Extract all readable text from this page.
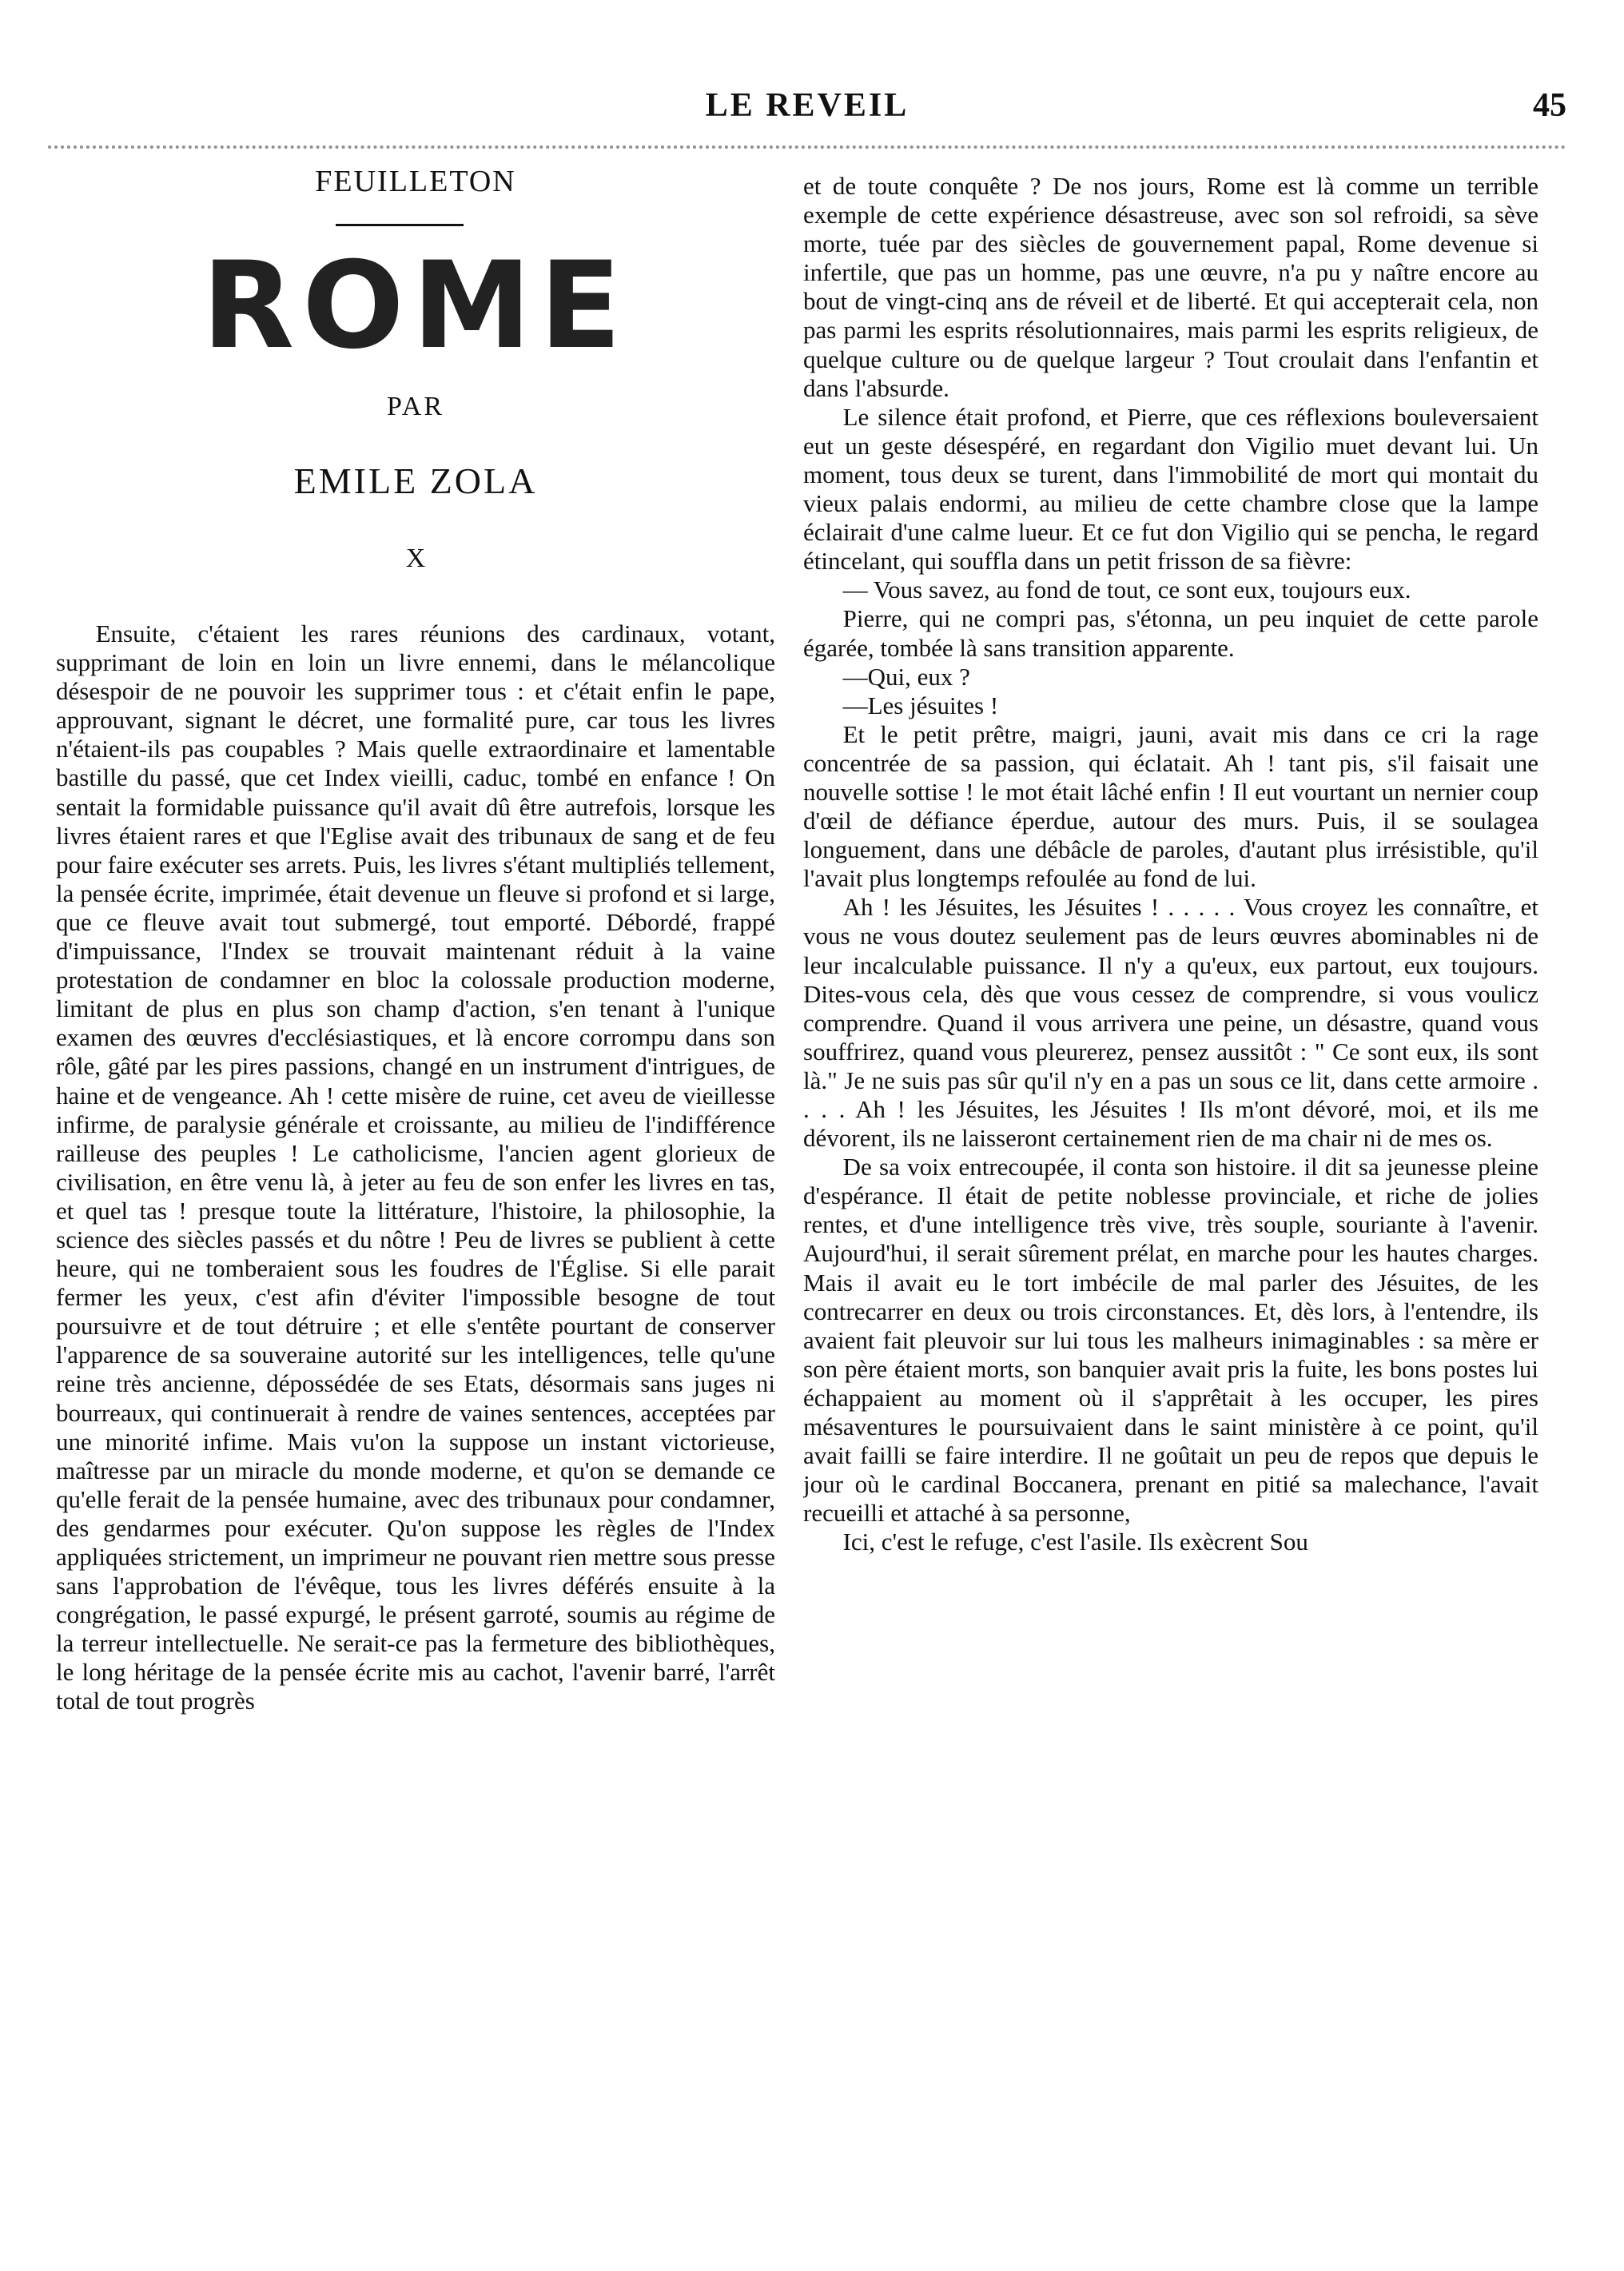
LE REVEIL	45
FEUILLETON
ROME
PAR
EMILE ZOLA
X

Ensuite, c'étaient les rares réunions des cardinaux, votant, supprimant de loin en loin un livre ennemi, dans le mélancolique désespoir de ne pouvoir les supprimer tous : et c'était enfin le pape, approuvant, signant le décret, une formalité pure, car tous les livres n'étaient-ils pas coupables ? Mais quelle extraordinaire et lamentable bastille du passé, que cet Index vieilli, caduc, tombé en enfance ! On sentait la formidable puissance qu'il avait dû être autrefois, lorsque les livres étaient rares et que l'Eglise avait des tribunaux de sang et de feu pour faire exécuter ses arrets. Puis, les livres s'étant multipliés tellement, la pensée écrite, imprimée, était devenue un fleuve si profond et si large, que ce fleuve avait tout submergé, tout emporté. Débordé, frappé d'impuissance, l'Index se trouvait maintenant réduit à la vaine protestation de condamner en bloc la colossale production moderne, limitant de plus en plus son champ d'action, s'en tenant à l'unique examen des œuvres d'ecclésiastiques, et là encore corrompu dans son rôle, gâté par les pires passions, changé en un instrument d'intrigues, de haine et de vengeance. Ah ! cette misère de ruine, cet aveu de vieillesse infirme, de paralysie générale et croissante, au milieu de l'indifférence railleuse des peuples ! Le catholicisme, l'ancien agent glorieux de civilisation, en être venu là, à jeter au feu de son enfer les livres en tas, et quel tas ! presque toute la littérature, l'histoire, la philosophie, la science des siècles passés et du nôtre ! Peu de livres se publient à cette heure, qui ne tomberaient sous les foudres de l'Église. Si elle parait fermer les yeux, c'est afin d'éviter l'impossible besogne de tout poursuivre et de tout détruire ; et elle s'entête pourtant de conserver l'apparence de sa souveraine autorité sur les intelligences, telle qu'une reine très ancienne, dépossédée de ses Etats, désormais sans juges ni bourreaux, qui continuerait à rendre de vaines sentences, acceptées par une minorité infime. Mais vu'on la suppose un instant victorieuse, maîtresse par un miracle du monde moderne, et qu'on se demande ce qu'elle ferait de la pensée humaine, avec des tribunaux pour condamner, des gendarmes pour exécuter. Qu'on suppose les règles de l'Index appliquées strictement, un imprimeur ne pouvant rien mettre sous presse sans l'approbation de l'évêque, tous les livres déférés ensuite à la congrégation, le passé expurgé, le présent garroté, soumis au régime de la terreur intellectuelle. Ne serait-ce pas la fermeture des bibliothèques, le long héritage de la pensée écrite mis au cachot, l'avenir barré, l'arrêt total de tout progrès

et de toute conquête ? De nos jours, Rome est là comme un terrible exemple de cette expérience désastreuse, avec son sol refroidi, sa sève morte, tuée par des siècles de gouvernement papal, Rome devenue si infertile, que pas un homme, pas une œuvre, n'a pu y naître encore au bout de vingt-cinq ans de réveil et de liberté. Et qui accepterait cela, non pas parmi les esprits résolutionnaires, mais parmi les esprits religieux, de quelque culture ou de quelque largeur ? Tout croulait dans l'enfantin et dans l'absurde.

Le silence était profond, et Pierre, que ces réflexions bouleversaient eut un geste désespéré, en regardant don Vigilio muet devant lui. Un moment, tous deux se turent, dans l'immobilité de mort qui montait du vieux palais endormi, au milieu de cette chambre close que la lampe éclairait d'une calme lueur. Et ce fut don Vigilio qui se pencha, le regard étincelant, qui souffla dans un petit frisson de sa fièvre:

— Vous savez, au fond de tout, ce sont eux, toujours eux.

Pierre, qui ne compri pas, s'étonna, un peu inquiet de cette parole égarée, tombée là sans transition apparente.

—Qui, eux ?

—Les jésuites !

Et le petit prêtre, maigri, jauni, avait mis dans ce cri la rage concentrée de sa passion, qui éclatait. Ah ! tant pis, s'il faisait une nouvelle sottise ! le mot était lâché enfin ! Il eut vourtant un nernier coup d'œil de défiance éperdue, autour des murs. Puis, il se soulagea longuement, dans une débâcle de paroles, d'autant plus irrésistible, qu'il l'avait plus longtemps refoulée au fond de lui.

Ah ! les Jésuites, les Jésuites ! . . . . . Vous croyez les connaître, et vous ne vous doutez seulement pas de leurs œuvres abominables ni de leur incalculable puissance. Il n'y a qu'eux, eux partout, eux toujours. Dites-vous cela, dès que vous cessez de comprendre, si vous voulicz comprendre. Quand il vous arrivera une peine, un désastre, quand vous souffrirez, quand vous pleurerez, pensez aussitôt : " Ce sont eux, ils sont là." Je ne suis pas sûr qu'il n'y en a pas un sous ce lit, dans cette armoire . . . . Ah ! les Jésuites, les Jésuites ! Ils m'ont dévoré, moi, et ils me dévorent, ils ne laisseront certainement rien de ma chair ni de mes os.

De sa voix entrecoupée, il conta son histoire. il dit sa jeunesse pleine d'espérance. Il était de petite noblesse provinciale, et riche de jolies rentes, et d'une intelligence très vive, très souple, souriante à l'avenir. Aujourd'hui, il serait sûrement prélat, en marche pour les hautes charges. Mais il avait eu le tort imbécile de mal parler des Jésuites, de les contrecarrer en deux ou trois circonstances. Et, dès lors, à l'entendre, ils avaient fait pleuvoir sur lui tous les malheurs inimaginables : sa mère er son père étaient morts, son banquier avait pris la fuite, les bons postes lui échappaient au moment où il s'apprêtait à les occuper, les pires mésaventures le poursuivaient dans le saint ministère à ce point, qu'il avait failli se faire interdire. Il ne goûtait un peu de repos que depuis le jour où le cardinal Boccanera, prenant en pitié sa malechance, l'avait recueilli et attaché à sa personne,

Ici, c'est le refuge, c'est l'asile. Ils exècrent Sou
